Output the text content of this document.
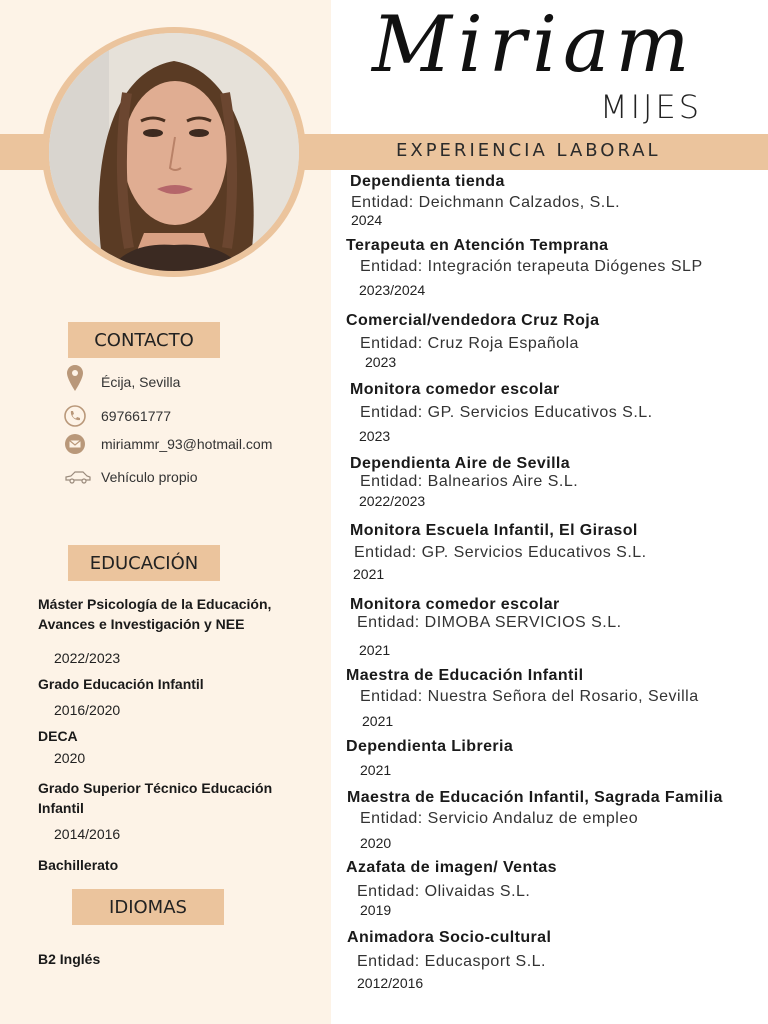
Miriam
MIJES
EXPERIENCIA LABORAL
CONTACTO
Écija, Sevilla
697661777
miriammr_93@hotmail.com
Vehículo propio
EDUCACIÓN
Máster Psicología de la Educación, Avances e Investigación y NEE
2022/2023
Grado Educación Infantil
2016/2020
DECA
2020
Grado Superior Técnico Educación Infantil
2014/2016
Bachillerato
IDIOMAS
B2 Inglés
Dependienta tienda
Entidad: Deichmann Calzados, S.L.
2024
Terapeuta en Atención Temprana
Entidad: Integración terapeuta Diógenes SLP
2023/2024
Comercial/vendedora Cruz Roja
Entidad: Cruz Roja Española
2023
Monitora comedor escolar
Entidad: GP. Servicios Educativos S.L.
2023
Dependienta Aire de Sevilla
Entidad: Balnearios Aire S.L.
2022/2023
Monitora Escuela Infantil, El Girasol
Entidad: GP. Servicios Educativos S.L.
2021
Monitora comedor escolar
Entidad: DIMOBA SERVICIOS S.L.
2021
Maestra de Educación Infantil
Entidad: Nuestra Señora del Rosario, Sevilla
2021
Dependienta Libreria
2021
Maestra de Educación Infantil, Sagrada Familia
Entidad: Servicio Andaluz de empleo
2020
Azafata de imagen/ Ventas
Entidad: Olivaidas S.L.
2019
Animadora Socio-cultural
Entidad: Educasport S.L.
2012/2016
